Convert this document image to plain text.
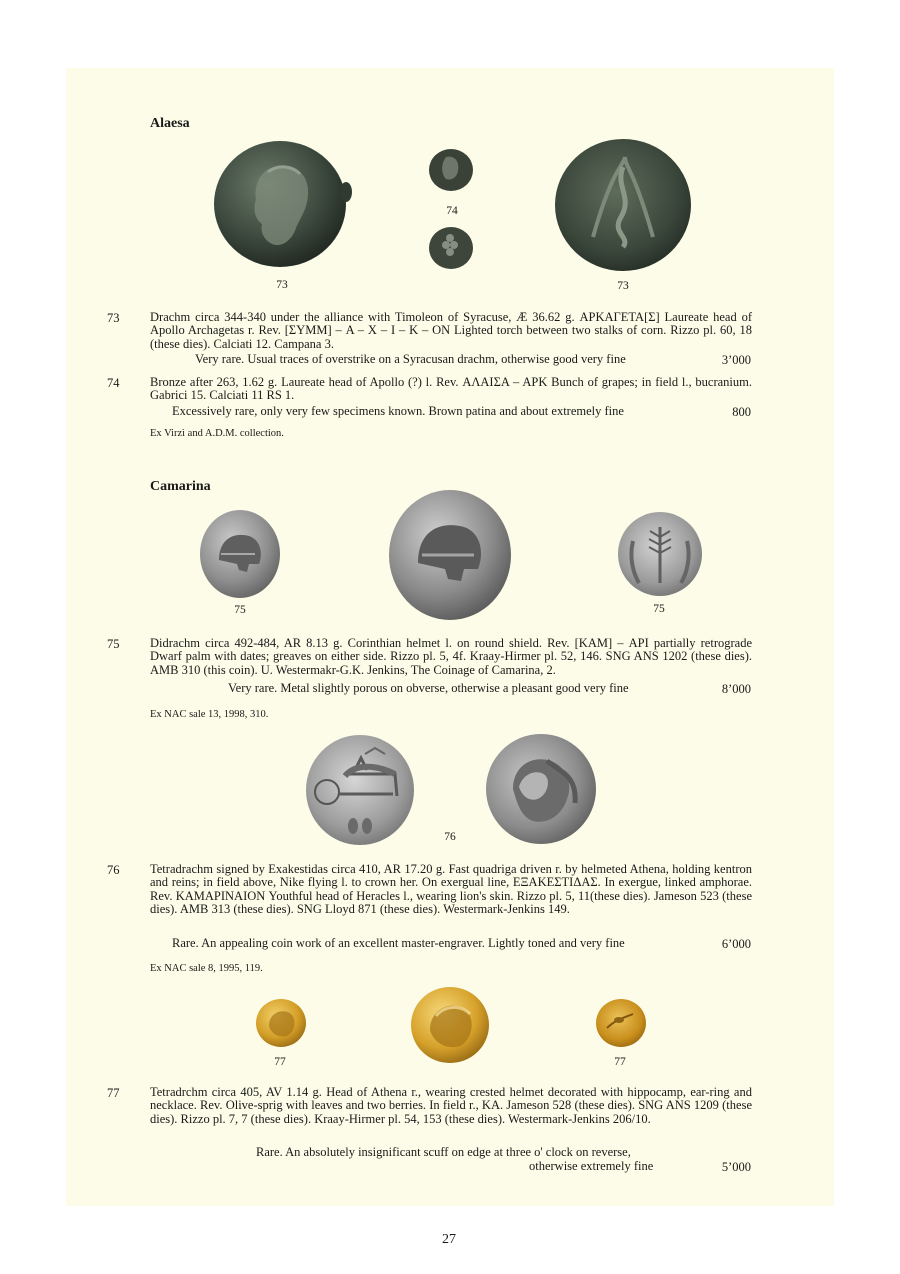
Alaesa
74
73	73
73 Drachm circa 344-340 under the alliance with Timoleon of Syracuse, Æ 36.62 g. ΑΡΚΑΓΕΤΑ[Σ] Laureate head of Apollo Archagetas r. Rev. [ΣΥΜΜ] – Α – Χ – Ι – Κ – ΟΝ Lighted torch between two stalks of corn. Rizzo pl. 60, 18 (these dies). Calciati 12. Campana 3.

Very rare. Usual traces of overstrike on a Syracusan drachm, otherwise good very fine	3’000
74 Bronze after 263, 1.62 g. Laureate head of Apollo (?) l. Rev. ΑΛΑΙΣΑ – ΑΡΚ Bunch of grapes; in field l., bucranium. Gabrici 15. Calciati 11 RS 1.

Excessively rare, only very few specimens known. Brown patina and about extremely fine	800
Ex Virzì and A.D.M. collection.
Camarina
75	75
75 Didrachm circa 492-484, AR 8.13 g. Corinthian helmet l. on round shield. Rev. [ΚΑΜ] – ΑΡΙ partially retrograde Dwarf palm with dates; greaves on either side. Rizzo pl. 5, 4f. Kraay-Hirmer pl. 52, 146. SNG ANS 1202 (these dies). AMB 310 (this coin). U. Westermakr-G.K. Jenkins, The Coinage of Camarina, 2.

Very rare. Metal slightly porous on obverse, otherwise a pleasant good very fine	8’000
Ex NAC sale 13, 1998, 310.
76
76 Tetradrachm signed by Exakestidas circa 410, AR 17.20 g. Fast quadriga driven r. by helmeted Athena, holding kentron and reins; in field above, Nike flying l. to crown her. On exergual line, ΕΞΑΚΕΣΤΙΔΑΣ. In exergue, linked amphorae. Rev. ΚΑΜΑΡΙΝΑΙΟΝ Youthful head of Heracles l., wearing lion's skin. Rizzo pl. 5, 11(these dies). Jameson 523 (these dies). AMB 313 (these dies). SNG Lloyd 871 (these dies). Westermark-Jenkins 149.

Rare. An appealing coin work of an excellent master-engraver. Lightly toned and very fine	6’000
Ex NAC sale 8, 1995, 119.
77	77
77 Tetradrchm circa 405, AV 1.14 g. Head of Athena r., wearing crested helmet decorated with hippocamp, ear-ring and necklace. Rev. Olive-sprig with leaves and two berries. In field r., ΚΑ. Jameson 528 (these dies). SNG ANS 1209 (these dies). Rizzo pl. 7, 7 (these dies). Kraay-Hirmer pl. 54, 153 (these dies). Westermark-Jenkins 206/10.

Rare. An absolutely insignificant scuff on edge at three o' clock on reverse,
otherwise extremely fine	5’000
27
